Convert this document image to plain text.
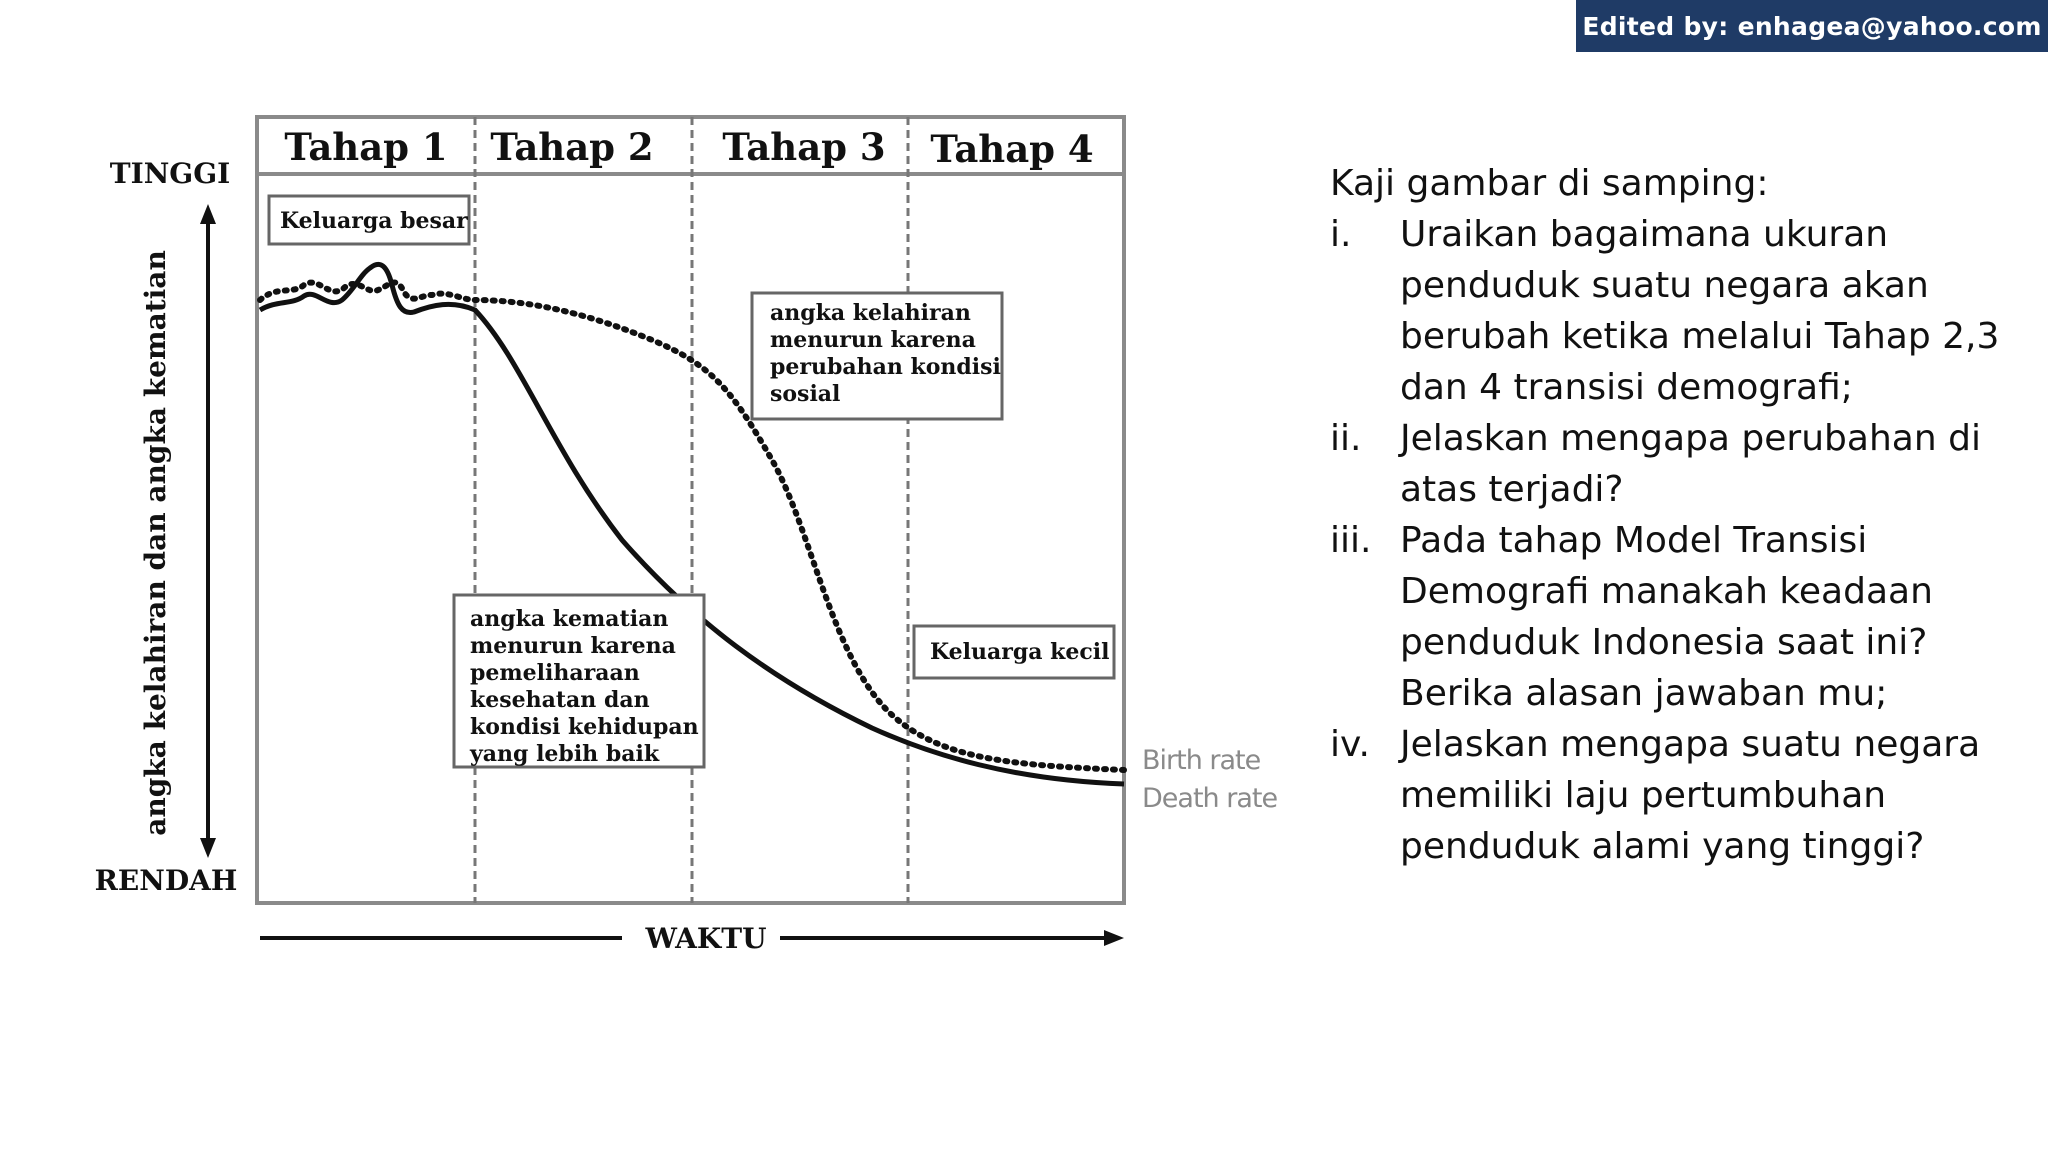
Edited by: enhagea@yahoo.com
Tahap 1 Tahap 2 Tahap 3 Tahap 4
TINGGI
RENDAH
angka kelahiran dan angka kematian
WAKTU
Keluarga besar
angka kelahiran
menurun karena
perubahan kondisi
sosial
angka kematian
menurun karena
pemeliharaan
kesehatan dan
kondisi kehidupan
yang lebih baik
Keluarga kecil
Birth rate
Death rate

Kaji gambar di samping:

i.	Uraikan bagaimana ukuran penduduk suatu negara akan berubah ketika melalui Tahap 2,3 dan 4 transisi demografi;
ii.	Jelaskan mengapa perubahan di atas terjadi?
iii. Pada tahap Model Transisi Demografi manakah keadaan penduduk Indonesia saat ini? Berika alasan jawaban mu;
iv. Jelaskan mengapa suatu negara memiliki laju pertumbuhan penduduk alami yang tinggi?
